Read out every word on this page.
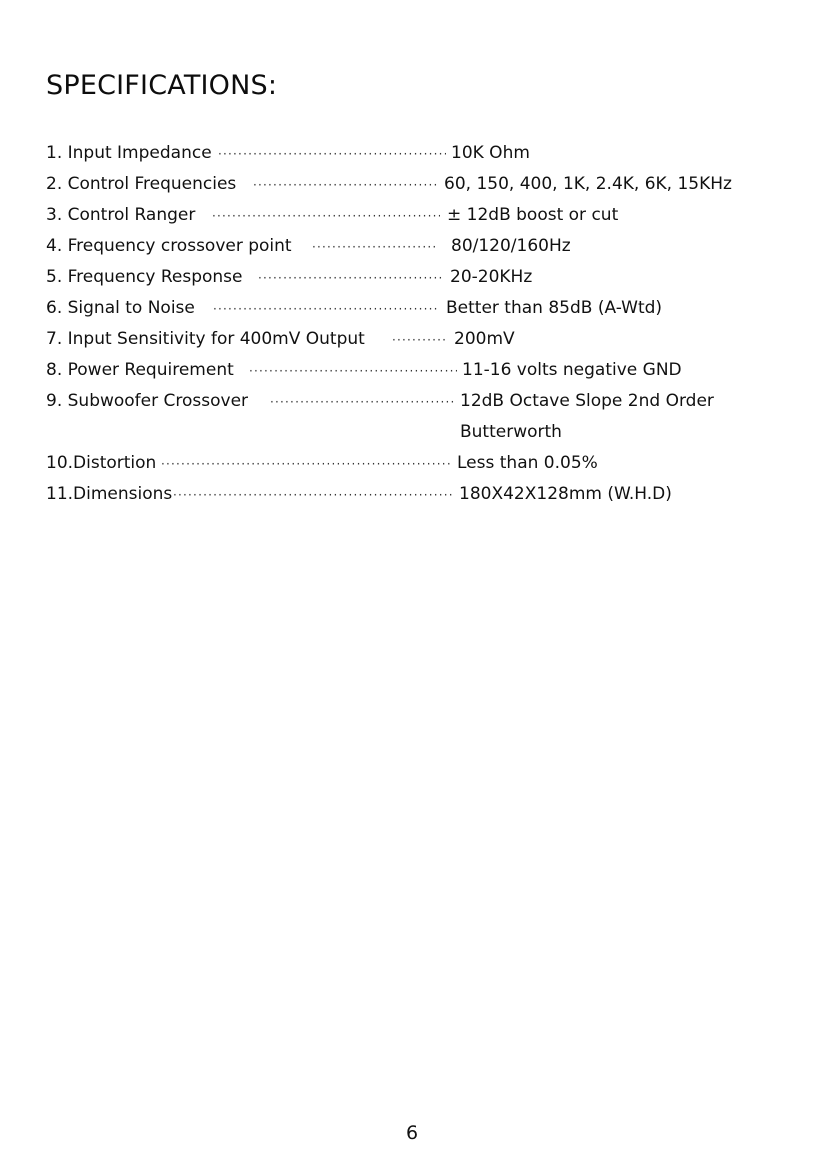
SPECIFICATIONS:
1. Input Impedance ·····	10K Ohm
2. Control Frequencies ·····	60, 150, 400, 1K, 2.4K, 6K, 15KHz
3. Control Ranger ·····	± 12dB boost or cut
4. Frequency crossover point ·····	80/120/160Hz
5. Frequency Response ·····	20-20KHz
6. Signal to Noise ·····	Better than 85dB (A-Wtd)
7. Input Sensitivity for 400mV Output ·····	200mV
8. Power Requirement ·····	11-16 volts negative GND
9. Subwoofer Crossover ·····	12dB Octave Slope 2nd Order
Butterworth
10.Distortion ·····	Less than 0.05%
11.Dimensions ·····	180X42X128mm (W.H.D)
6
